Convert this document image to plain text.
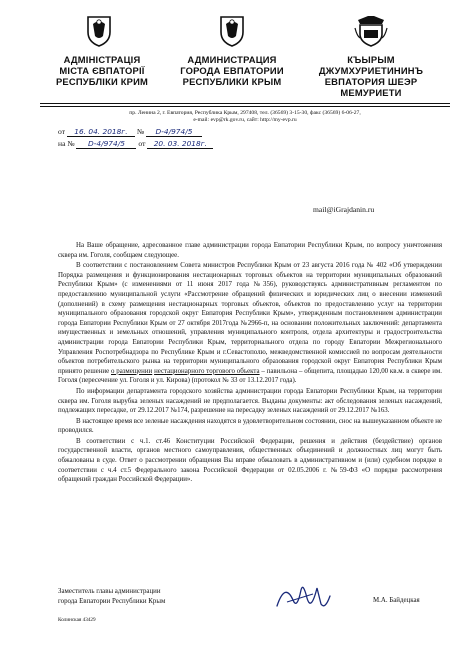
АДМІНІСТРАЦІЯ
МІСТА ЄВПАТОРІЇ
РЕСПУБЛІКИ КРИМ
АДМИНИСТРАЦИЯ
ГОРОДА ЕВПАТОРИИ
РЕСПУБЛИКИ КРЫМ
КЪЫРЫМ
ДЖУМХУРИЕТИНИНЪ
ЕВПАТОРИЯ ШЕЭР
МЕМУРИЕТИ
пр. Ленина 2, г. Евпатория, Республика Крым, 297408, тел. (36569) 3-15-30, факс (36569) 6-06-27,
e-mail: evp@rk.gov.ru, сайт: http://my-evp.ru
от 16. 04. 2018г. № D-4/974/5
на № D-4/974/5 от 20. 03. 2018г.
mail@iGrajdanin.ru

На Ваше обращение, адресованное главе администрации города Евпатории Республики Крым, по вопросу уничтожения сквера им. Гоголя, сообщаем следующее.

В соответствии с постановлением Совета министров Республики Крым от 23 августа 2016 года № 402 «Об утверждении Порядка размещения и функционирования нестационарных торговых объектов на территории муниципальных образований Республики Крым» (с изменениями от 11 июня 2017 года №356), руководствуясь административным регламентом по предоставлению муниципальной услуги «Рассмотрение обращений физических и юридических лиц о внесении изменений (дополнений) в схему размещения нестационарных торговых объектов, объектов по предоставлению услуг на территории муниципального образования городской округ Евпатория Республики Крым», утвержденным постановлением администрации города Евпатории Республики Крым от 27 октября 2017года №2966-п, на основании положительных заключений: департамента имущественных и земельных отношений, управления муниципального контроля, отдела архитектуры и градостроительства администрации города Евпатории Республики Крым, территориального отдела по городу Евпатории Межрегионального Управления Роспотребнадзора по Республике Крым и г.Севастополю, межведомственной комиссией по вопросам деятельности объектов потребительского рынка на территории муниципального образования городской округ Евпатория Республики Крым принято решение о размещении нестационарного торгового объекта – павильона – общепита, площадью 120,00 кв.м. в сквере им. Гоголя (пересечение ул. Гоголя и ул. Кирова) (протокол № 33 от 13.12.2017 года).

По информации департамента городского хозяйства администрации города Евпатории Республики Крым, на территории сквера им. Гоголя вырубка зеленых насаждений не предполагается. Выданы документы: акт обследования зеленых насаждений, подлежащих пересадке, от 29.12.2017 №174, разрешение на пересадку зеленых насаждений от 29.12.2017 №163.

В настоящее время все зеленые насаждения находятся в удовлетворительном состоянии, снос на вышеуказанном объекте не проводился.

В соответствии с ч.1. ст.46 Конституции Российской Федерации, решения и действия (бездействие) органов государственной власти, органов местного самоуправления, общественных объединений и должностных лиц могут быть обжалованы в суде. Ответ о рассмотрении обращения Вы вправе обжаловать в административном и (или) судебном порядке в соответствии с ч.4 ст.5 Федерального закона Российской Федерации от 02.05.2006 г. №59-ФЗ «О порядке рассмотрения обращений граждан Российской Федерации».

Заместитель главы администрации
города Евпатории Республики Крым	М.А. Байдецкая
Колинская 43429
